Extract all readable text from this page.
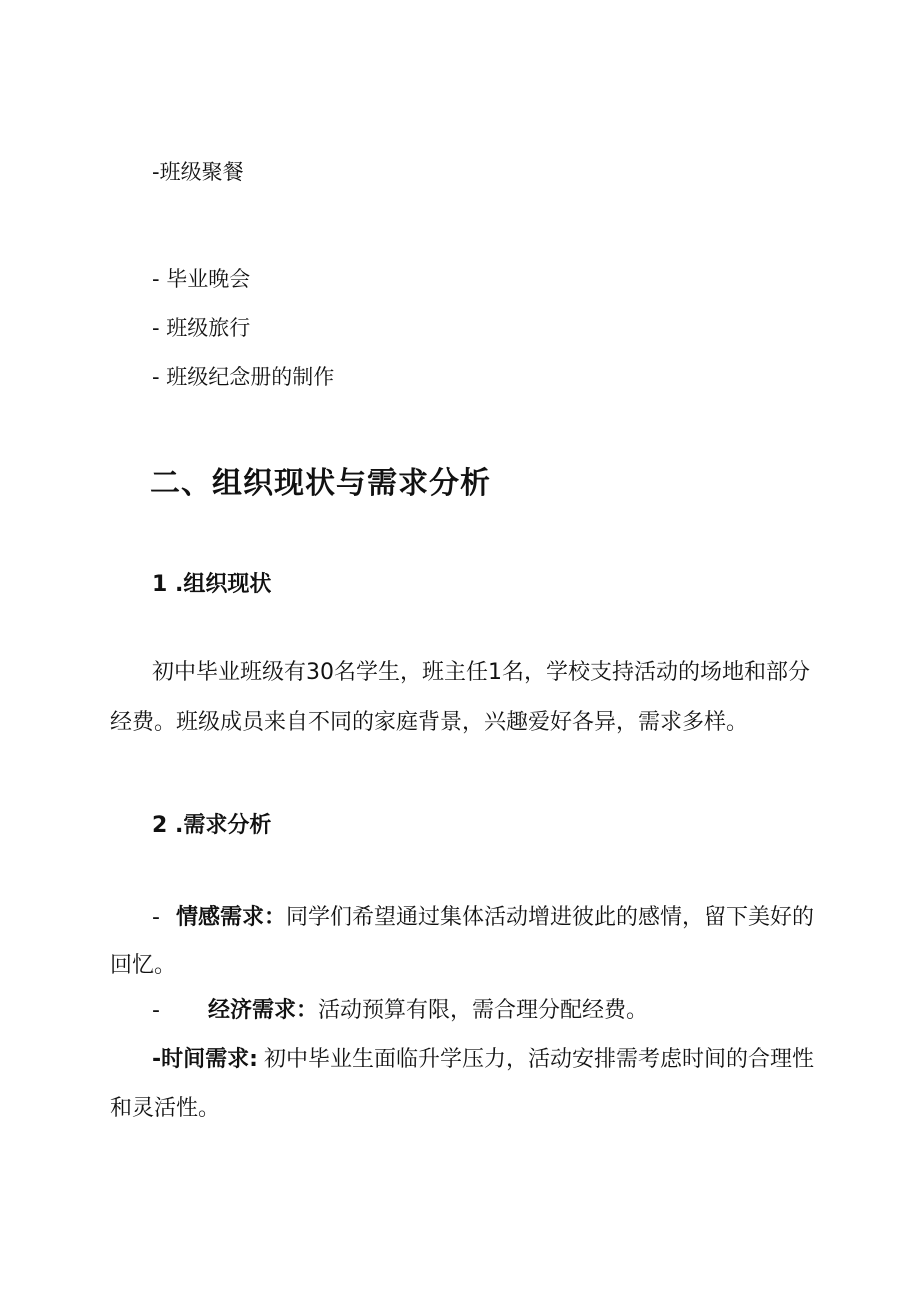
-班级聚餐
- 毕业晚会
- 班级旅行
- 班级纪念册的制作
二、组织现状与需求分析
1 .组织现状
初中毕业班级有30名学生，班主任1名，学校支持活动的场地和部分
经费。班级成员来自不同的家庭背景，兴趣爱好各异，需求多样。
2 .需求分析
- 情感需求：同学们希望通过集体活动增进彼此的感情，留下美好的
回忆。
- 经济需求：活动预算有限，需合理分配经费。
-时间需求: 初中毕业生面临升学压力，活动安排需考虑时间的合理性
和灵活性。
